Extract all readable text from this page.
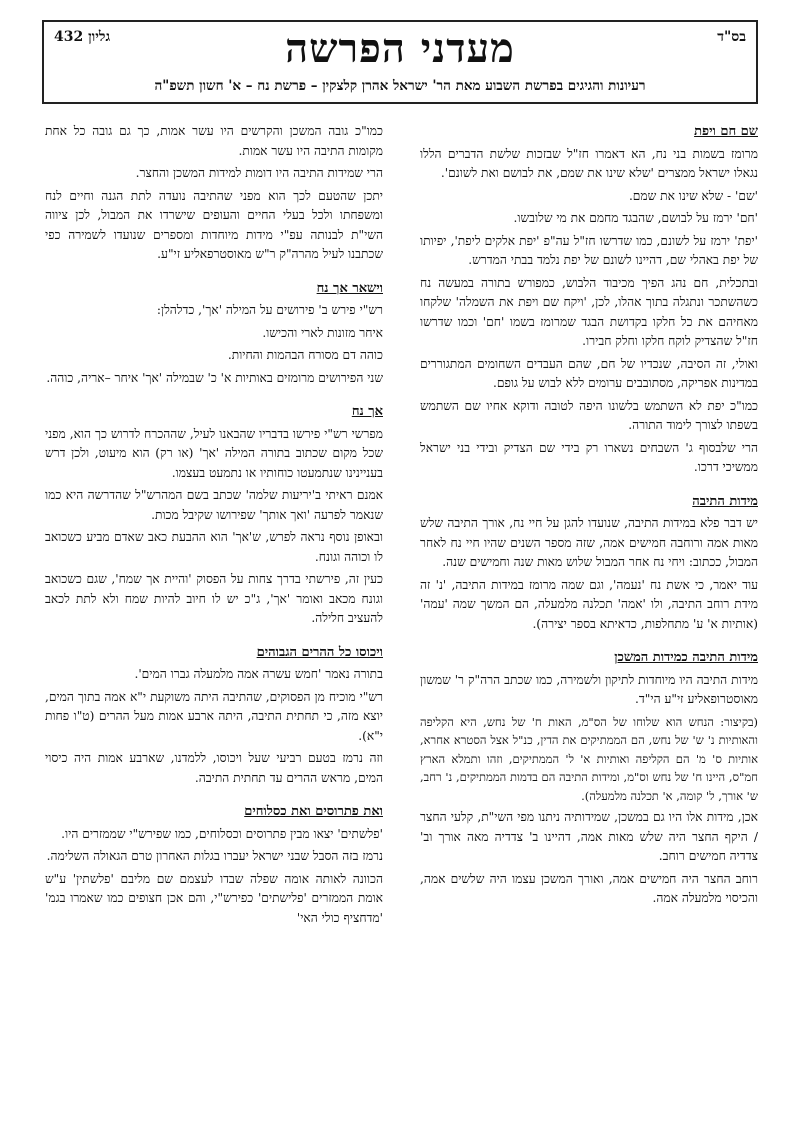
בס"ד
מעדני הפרשה
גליון 432
רעיונות והגיגים בפרשת השבוע מאת הר' ישראל אהרן קלצקין – פרשת נח – א' חשון תשפ"ה
שם חם ויפת

מרומז בשמות בני נח, הא דאמרו חז"ל שבזכות שלשת הדברים הללו נגאלו ישראל ממצרים 'שלא שינו את שמם, את לבושם ואת לשונם'.

'שם' - שלא שינו את שמם.

'חם' ירמז על לבושם, שהבגד מחמם את מי שלובשו.

'יפת' ירמז על לשונם, כמו שדרשו חז"ל עה"פ 'יפת אלקים ליפת', יפיותו של יפת באהלי שם, דהיינו לשונם של יפת נלמד בבתי המדרש.

ובתכלית, חם נהג הפיך מכיבוד הלבוש, כמפורש בתורה במעשה נח כשהשתכר ונתגלה בתוך אהלו, לכן, 'ויקח שם ויפת את השמלה' שלקחו מאחיהם את כל חלקו בקדושת הבגד שמרומז בשמו 'חם' וכמו שדרשו חז"ל שהצדיק לוקח חלקו וחלק חבירו.

ואולי, זה הסיבה, שנכדיו של חם, שהם העבדים השחומים המתגוררים במדינות אפריקה, מסתובבים ערומים ללא לבוש על גופם.

כמו"כ יפת לא השתמש בלשונו היפה לטובה ודוקא אחיו שם השתמש בשפתו לצורך לימוד התורה.

הרי שלבסוף ג' השבחים נשארו רק בידי שם הצדיק ובידי בני ישראל ממשיכי דרכו.

מידות התיבה

יש דבר פלא במידות התיבה, שנועדו להגן על חיי נח, אורך התיבה שלש מאות אמה ורוחבה חמישים אמה, שזה מספר השנים שהיו חיי נח לאחר המבול, ככתוב: ויחי נח אחר המבול שלוש מאות שנה וחמישים שנה.

עוד יאמר, כי אשת נח 'נעמה', וגם שמה מרומז במידות התיבה, 'נ' זה מידת רוחב התיבה, ולו 'אמה' תכלנה מלמעלה, הם המשך שמה 'עמה' (אותיות א' ע' מתחלפות, כדאיתא בספר יצירה).

מידות התיבה כמידות המשכן

מידות התיבה היו מיוחדות לתיקון ולשמירה, כמו שכתב הרה"ק ר' שמשון מאוסטרופאליע זי"ע הי"ד.

(בקיצור: הנחש הוא שלוחו של הס"מ, האות ח' של נחש, היא הקליפה והאותיות נ' ש' של נחש, הם הממתיקים את הדין, כנ"ל אצל הסטרא אחרא, אותיות ס' מ' הם הקליפה ואותיות א' ל' הממתיקים, וזהו ותמלא הארץ חמ"ס, היינו ח' של נחש וס"מ, ומידות התיבה הם בדמות הממתיקים, נ' רחב, ש' אורך, ל' קומה, א' תכלנה מלמעלה).

אכן, מידות אלו היו גם במשכן, שמידותיה ניתנו מפי השי"ת, קלעי החצר / היקף החצר היה שלש מאות אמה, דהיינו ב' צדדיה מאה אורך וב' צדדיה חמישים רוחב.

רוחב החצר היה חמישים אמה, ואורך המשכן עצמו היה שלשים אמה, והכיסוי מלמעלה אמה.

כמו"כ גובה המשכן והקרשים היו עשר אמות, כך גם גובה כל אחת מקומות התיבה היו עשר אמות.

הרי שמידות התיבה היו דומות למידות המשכן והחצר.

יתכן שהטעם לכך הוא מפני שהתיבה נועדה לתת הגנה וחיים לנח ומשפחתו ולכל בעלי החיים והעופים שישרדו את המבול, לכן ציווה השי"ת לבנותה עפ"י מידות מיוחדות ומספרים שנועדו לשמירה כפי שכתבנו לעיל מהרה"ק ר"ש מאוסטרפאליע זי"ע.

וישאר אך נח

רש"י פירש ב' פירושים על המילה 'אך', כדלהלן:

איחר מזונות לארי והכישו.

כוהה דם מסורח הבהמות והחיות.

שני הפירושים מרומזים באותיות א' כ' שבמילה 'אך' איחר –אריה, כוהה.

אך נח

מפרשי רש"י פירשו בדבריו שהבאנו לעיל, שההכרח לדרוש כך הוא, מפני שכל מקום שכתוב בתורה המילה 'אך' (או רק) הוא מיעוט, ולכן דרש בעניינינו שנתמעטו כוחותיו או נתמעט בעצמו.

אמנם ראיתי ב'יריעות שלמה' שכתב בשם המהרש"ל שהדרשה היא כמו שנאמר לפרעה 'ואך אותך' שפירושו שקיבל מכות.

ובאופן נוסף נראה לפרש, ש'אך' הוא ההבעת כאב שאדם מביע כשכואב לו וכוהה וגונח.

כעין זה, פירשתי בדרך צחות על הפסוק 'והיית אך שמח', שגם כשכואב וגונח מכאב ואומר 'אך', ג"כ יש לו חיוב להיות שמח ולא לתת לכאב להעציב חלילה.

ויכוסו כל ההרים הגבוהים

בתורה נאמר 'חמש עשרה אמה מלמעלה גברו המים'.

רש"י מוכיח מן הפסוקים, שהתיבה היתה משוקעת י"א אמה בתוך המים, יוצא מזה, כי תחתית התיבה, היתה ארבע אמות מעל ההרים (ט"ו פחות י"א).

וזה נרמז בטעם רביעי שעל ויכוסו, ללמדנו, שארבע אמות היה כיסוי המים, מראש ההרים עד תחתית התיבה.

ואת פתרוסים ואת כסלוחים

'פלשתים' יצאו מבין פתרוסים וכסלוחים, כמו שפירש"י שממזרים היו.

נרמז בזה הסבל שבני ישראל יעברו בגלות האחרון טרם הגאולה השלימה.

הכוונה לאותה אומה שפלה שבדו לעצמם שם מליבם 'פלשתין' ע"ש אומת הממזרים 'פלישתים' כפירש"י, והם אכן חצופים כמו שאמרו בגמ' 'מדחציף כולי האי'
